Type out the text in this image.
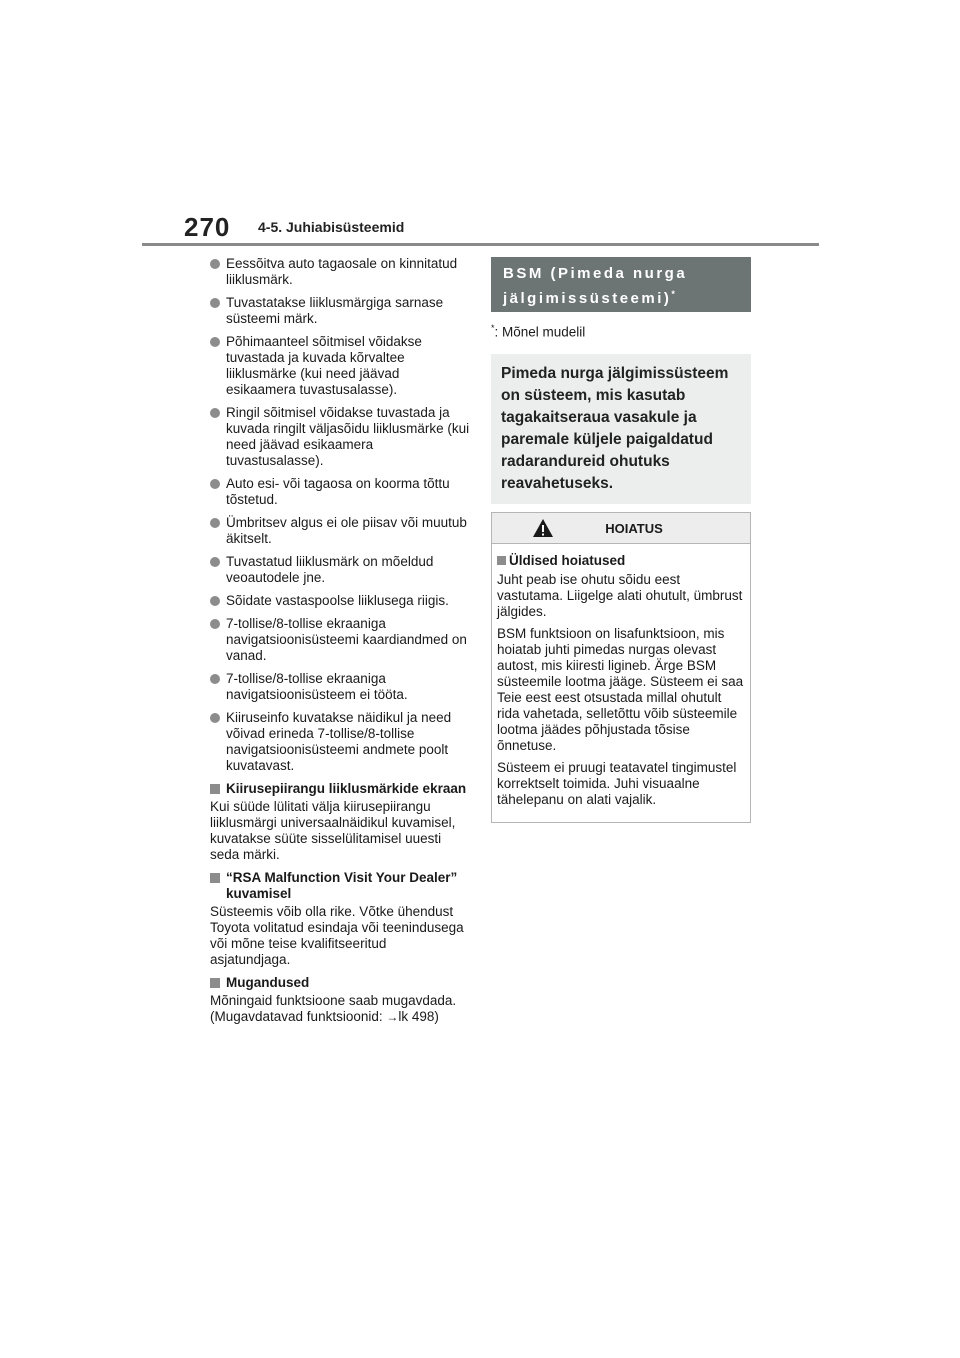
270 4-5. Juhiabisüsteemid
Eessõitva auto tagaosale on kinnitatud liiklusmärk.
Tuvastatakse liiklusmärgiga sarnase süsteemi märk.
Põhimaanteel sõitmisel võidakse tuvastada ja kuvada kõrvaltee liiklusmärke (kui need jäävad esikaamera tuvastusalasse).
Ringil sõitmisel võidakse tuvastada ja kuvada ringilt väljasõidu liiklusmärke (kui need jäävad esikaamera tuvastusalasse).
Auto esi- või tagaosa on koorma tõttu tõstetud.
Ümbritsev algus ei ole piisav või muutub äkitselt.
Tuvastatud liiklusmärk on mõeldud veoautodele jne.
Sõidate vastaspoolse liiklusega riigis.
7-tollise/8-tollise ekraaniga navigatsioonisüsteemi kaardiandmed on vanad.
7-tollise/8-tollise ekraaniga navigatsioonisüsteem ei tööta.
Kiiruseinfo kuvatakse näidikul ja need võivad erineda 7-tollise/8-tollise navigatsioonisüsteemi andmete poolt kuvatavast.
Kiirusepiirangu liiklusmärkide ekraan

Kui süüde lülitati välja kiirusepiirangu liiklusmärgi universaalnäidikul kuvamisel, kuvatakse süüte sisselülitamisel uuesti seda märki.

“RSA Malfunction Visit Your Dealer” kuvamisel

Süsteemis võib olla rike. Võtke ühendust Toyota volitatud esindaja või teenindusega või mõne teise kvalifitseeritud asjatundjaga.

Mugandused

Mõningaid funktsioone saab mugavdada. (Mugavdatavad funktsioonid: →lk 498)

BSM (Pimeda nurga
jälgimissüsteemi)*
*: Mõnel mudelil
Pimeda nurga jälgimissüsteem on süsteem, mis kasutab tagakaitseraua vasakule ja paremale küljele paigaldatud radarandureid ohutuks reavahetuseks.
HOIATUS
Üldised hoiatused

Juht peab ise ohutu sõidu eest vastutama. Liigelge alati ohutult, ümbrust jälgides.

BSM funktsioon on lisafunktsioon, mis hoiatab juhti pimedas nurgas olevast autost, mis kiiresti ligineb. Ärge BSM süsteemile lootma jääge. Süsteem ei saa Teie eest eest otsustada millal ohutult rida vahetada, selletõttu võib süsteemile lootma jäädes põhjustada tõsise õnnetuse.

Süsteem ei pruugi teatavatel tingimustel korrektselt toimida. Juhi visuaalne tähelepanu on alati vajalik.
